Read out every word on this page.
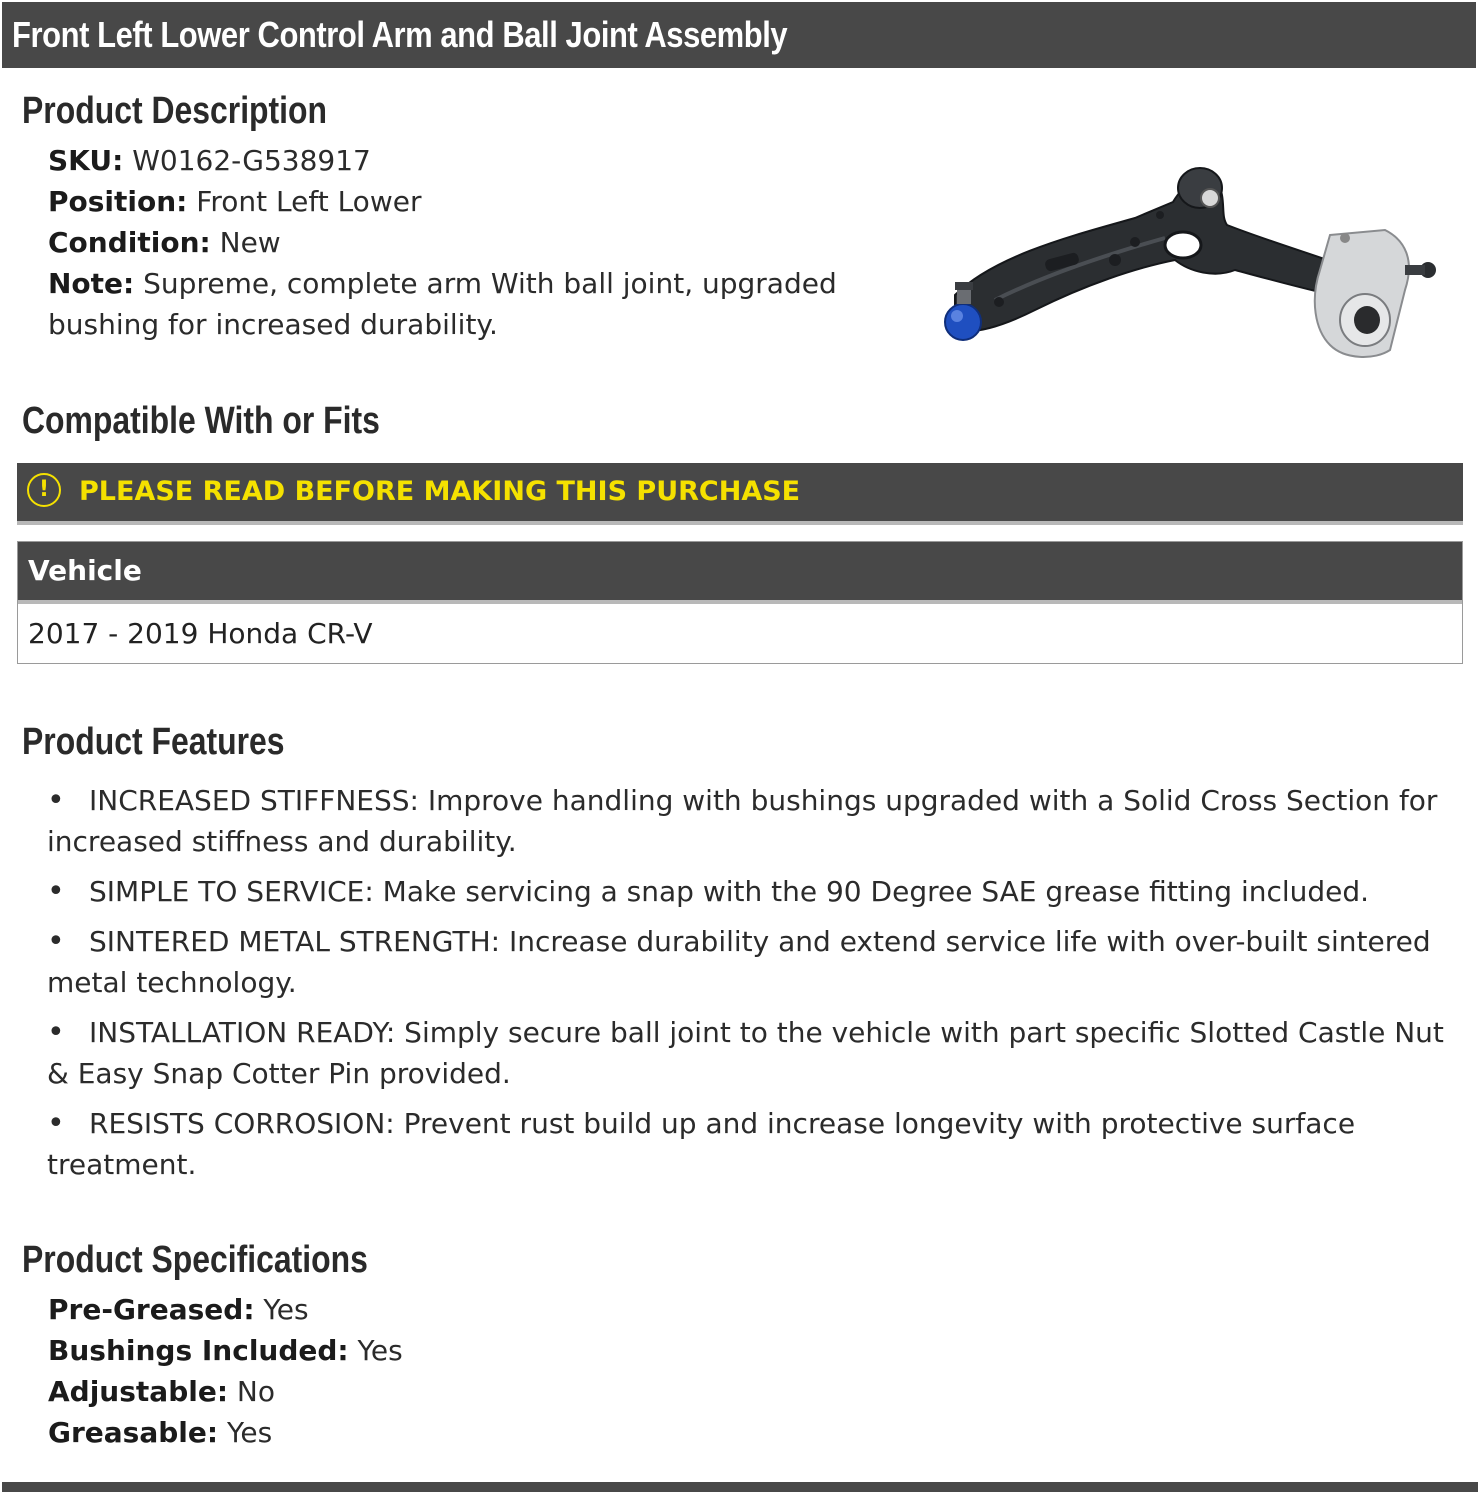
Front Left Lower Control Arm and Ball Joint Assembly
Product Description
SKU: W0162-G538917
Position: Front Left Lower
Condition: New
Note: Supreme, complete arm With ball joint, upgraded bushing for increased durability.
Compatible With or Fits
!	PLEASE READ BEFORE MAKING THIS PURCHASE
Vehicle
2017 - 2019 Honda CR-V
Product Features
•INCREASED STIFFNESS: Improve handling with bushings upgraded with a Solid Cross Section for increased stiffness and durability.
•SIMPLE TO SERVICE: Make servicing a snap with the 90 Degree SAE grease fitting included.
•SINTERED METAL STRENGTH: Increase durability and extend service life with over-built sintered metal technology.
•INSTALLATION READY: Simply secure ball joint to the vehicle with part specific Slotted Castle Nut & Easy Snap Cotter Pin provided.
•RESISTS CORROSION: Prevent rust build up and increase longevity with protective surface treatment.
Product Specifications
Pre-Greased: Yes
Bushings Included: Yes
Adjustable: No
Greasable: Yes
